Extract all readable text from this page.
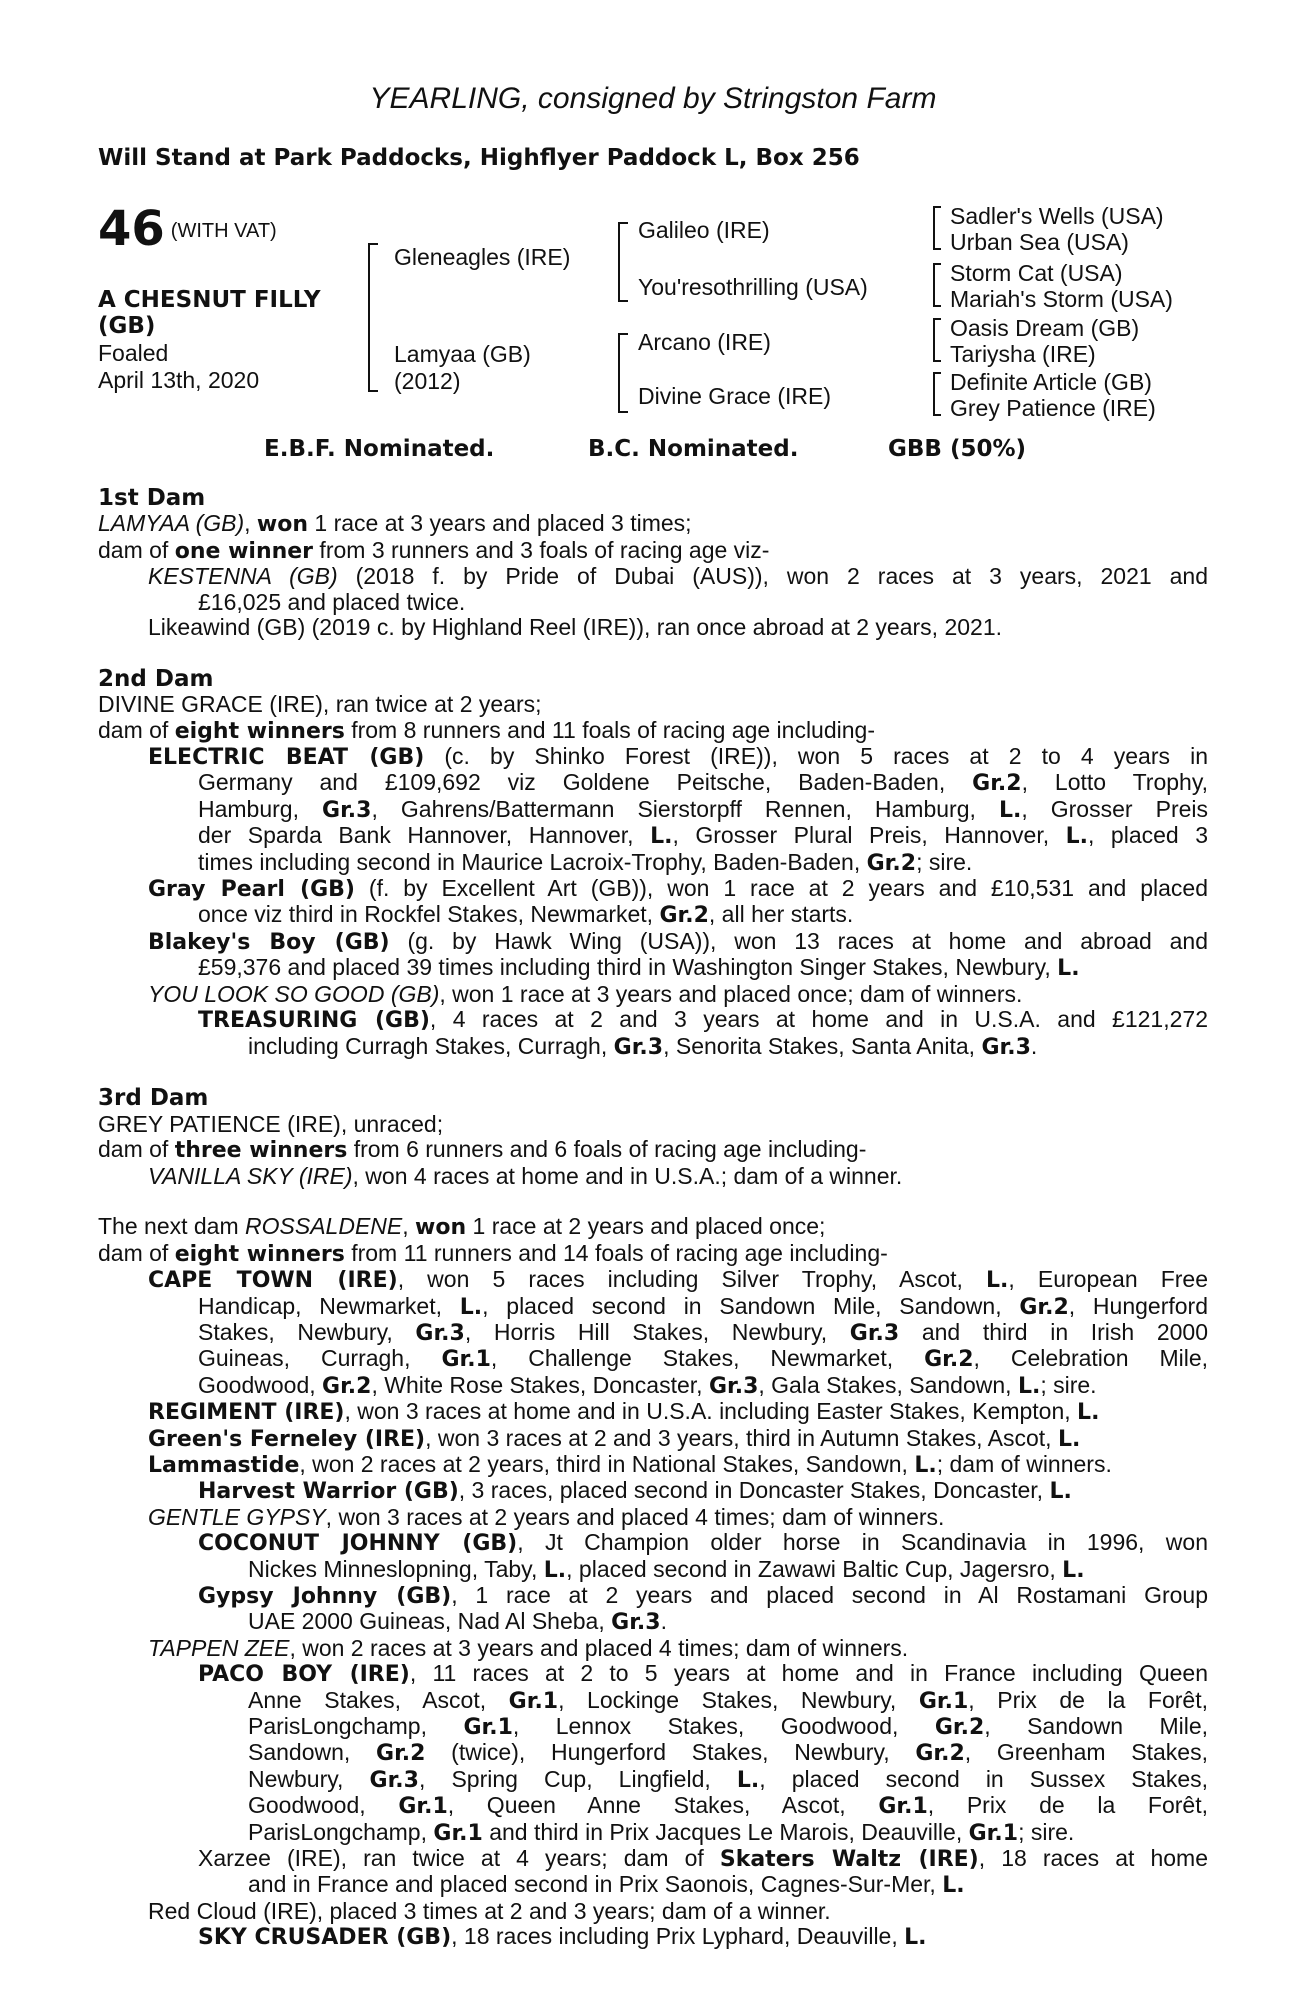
YEARLING, consigned by Stringston Farm
Will Stand at Park Paddocks, Highflyer Paddock L, Box 256
46 (WITH VAT)
A CHESNUT FILLY
(GB)
Foaled
April 13th, 2020
Gleneagles (IRE)
Lamyaa (GB)
(2012)
Galileo (IRE)
You'resothrilling (USA)
Arcano (IRE)
Divine Grace (IRE)
Sadler's Wells (USA)
Urban Sea (USA)
Storm Cat (USA)
Mariah's Storm (USA)
Oasis Dream (GB)
Tariysha (IRE)
Definite Article (GB)
Grey Patience (IRE)
E.B.F. Nominated.	B.C. Nominated.	GBB (50%)
1st Dam
LAMYAA (GB), won 1 race at 3 years and placed 3 times;
dam of one winner from 3 runners and 3 foals of racing age viz-
KESTENNA (GB) (2018 f. by Pride of Dubai (AUS)), won 2 races at 3 years, 2021 and
£16,025 and placed twice.
Likeawind (GB) (2019 c. by Highland Reel (IRE)), ran once abroad at 2 years, 2021.
2nd Dam
DIVINE GRACE (IRE), ran twice at 2 years;
dam of eight winners from 8 runners and 11 foals of racing age including-
ELECTRIC BEAT (GB) (c. by Shinko Forest (IRE)), won 5 races at 2 to 4 years in
Germany and £109,692 viz Goldene Peitsche, Baden-Baden, Gr.2, Lotto Trophy,
Hamburg, Gr.3, Gahrens/Battermann Sierstorpff Rennen, Hamburg, L., Grosser Preis
der Sparda Bank Hannover, Hannover, L., Grosser Plural Preis, Hannover, L., placed 3
times including second in Maurice Lacroix-Trophy, Baden-Baden, Gr.2; sire.
Gray Pearl (GB) (f. by Excellent Art (GB)), won 1 race at 2 years and £10,531 and placed
once viz third in Rockfel Stakes, Newmarket, Gr.2, all her starts.
Blakey's Boy (GB) (g. by Hawk Wing (USA)), won 13 races at home and abroad and
£59,376 and placed 39 times including third in Washington Singer Stakes, Newbury, L.
YOU LOOK SO GOOD (GB), won 1 race at 3 years and placed once; dam of winners.
TREASURING (GB), 4 races at 2 and 3 years at home and in U.S.A. and £121,272
including Curragh Stakes, Curragh, Gr.3, Senorita Stakes, Santa Anita, Gr.3.
3rd Dam
GREY PATIENCE (IRE), unraced;
dam of three winners from 6 runners and 6 foals of racing age including-
VANILLA SKY (IRE), won 4 races at home and in U.S.A.; dam of a winner.
The next dam ROSSALDENE, won 1 race at 2 years and placed once;
dam of eight winners from 11 runners and 14 foals of racing age including-
CAPE TOWN (IRE), won 5 races including Silver Trophy, Ascot, L., European Free
Handicap, Newmarket, L., placed second in Sandown Mile, Sandown, Gr.2, Hungerford
Stakes, Newbury, Gr.3, Horris Hill Stakes, Newbury, Gr.3 and third in Irish 2000
Guineas, Curragh, Gr.1, Challenge Stakes, Newmarket, Gr.2, Celebration Mile,
Goodwood, Gr.2, White Rose Stakes, Doncaster, Gr.3, Gala Stakes, Sandown, L.; sire.
REGIMENT (IRE), won 3 races at home and in U.S.A. including Easter Stakes, Kempton, L.
Green's Ferneley (IRE), won 3 races at 2 and 3 years, third in Autumn Stakes, Ascot, L.
Lammastide, won 2 races at 2 years, third in National Stakes, Sandown, L.; dam of winners.
Harvest Warrior (GB), 3 races, placed second in Doncaster Stakes, Doncaster, L.
GENTLE GYPSY, won 3 races at 2 years and placed 4 times; dam of winners.
COCONUT JOHNNY (GB), Jt Champion older horse in Scandinavia in 1996, won
Nickes Minneslopning, Taby, L., placed second in Zawawi Baltic Cup, Jagersro, L.
Gypsy Johnny (GB), 1 race at 2 years and placed second in Al Rostamani Group
UAE 2000 Guineas, Nad Al Sheba, Gr.3.
TAPPEN ZEE, won 2 races at 3 years and placed 4 times; dam of winners.
PACO BOY (IRE), 11 races at 2 to 5 years at home and in France including Queen
Anne Stakes, Ascot, Gr.1, Lockinge Stakes, Newbury, Gr.1, Prix de la Forêt,
ParisLongchamp, Gr.1, Lennox Stakes, Goodwood, Gr.2, Sandown Mile,
Sandown, Gr.2 (twice), Hungerford Stakes, Newbury, Gr.2, Greenham Stakes,
Newbury, Gr.3, Spring Cup, Lingfield, L., placed second in Sussex Stakes,
Goodwood, Gr.1, Queen Anne Stakes, Ascot, Gr.1, Prix de la Forêt,
ParisLongchamp, Gr.1 and third in Prix Jacques Le Marois, Deauville, Gr.1; sire.
Xarzee (IRE), ran twice at 4 years; dam of Skaters Waltz (IRE), 18 races at home
and in France and placed second in Prix Saonois, Cagnes-Sur-Mer, L.
Red Cloud (IRE), placed 3 times at 2 and 3 years; dam of a winner.
SKY CRUSADER (GB), 18 races including Prix Lyphard, Deauville, L.
